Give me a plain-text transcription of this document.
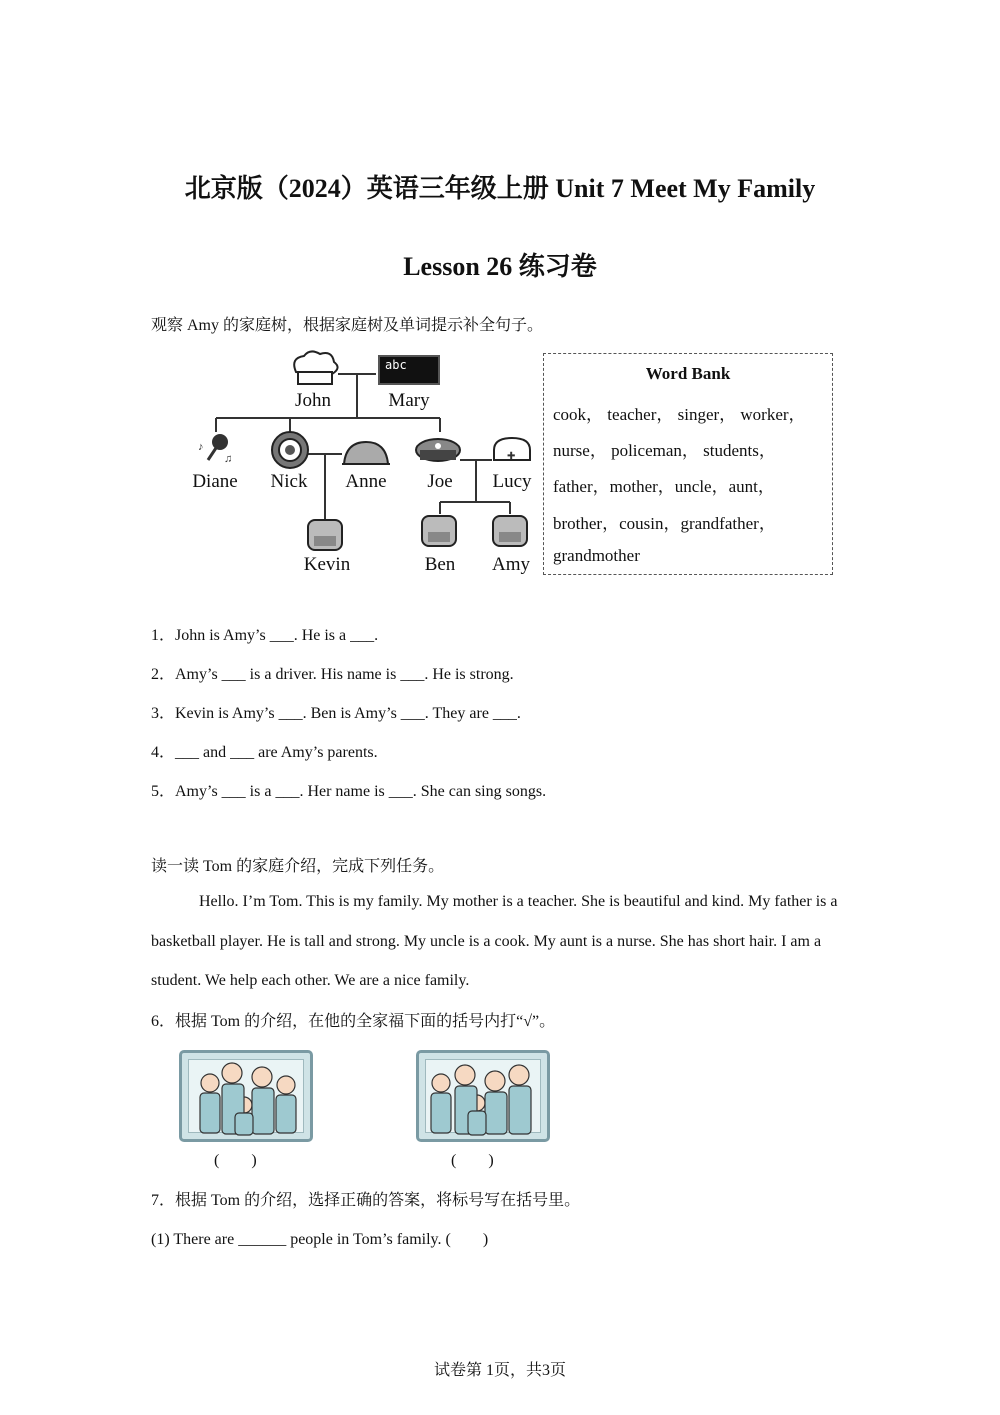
北京版（2024）英语三年级上册 Unit 7 Meet My Family
Lesson 26 练习卷
观察 Amy 的家庭树，根据家庭树及单词提示补全句子。
♪
♫	✚
abc
John	Mary
Diane	Nick	Anne	Joe	Lucy
Kevin	Ben	Amy
Word Bank
cook， teacher， singer， worker，
nurse， policeman， students，
father，mother，uncle，aunt，
brother，cousin，grandfather，
grandmother
1．John is Amy’s ___. He is a ___.
2．Amy’s ___ is a driver. His name is ___. He is strong.
3．Kevin is Amy’s ___. Ben is Amy’s ___. They are ___.
4．___ and ___ are Amy’s parents.
5．Amy’s ___ is a ___. Her name is ___. She can sing songs.
读一读 Tom 的家庭介绍，完成下列任务。
Hello. I’m Tom. This is my family. My mother is a teacher. She is beautiful and kind. My father is a basketball player. He is tall and strong. My uncle is a cook. My aunt is a nurse. She has short hair. I am a student. We help each other. We are a nice family.
6．根据 Tom 的介绍，在他的全家福下面的括号内打“√”。
(　　)	(　　)
7．根据 Tom 的介绍，选择正确的答案，将标号写在括号里。
(1) There are ______ people in Tom’s family. (　　)
试卷第 1页，共3页
